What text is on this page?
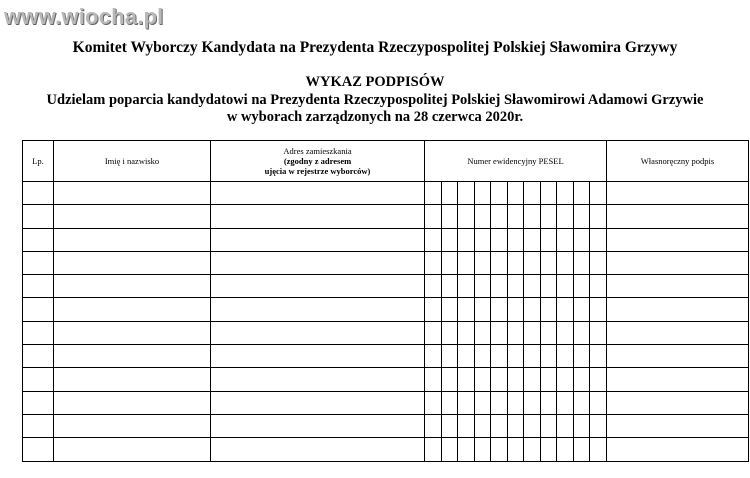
www.wiocha.pl
Komitet Wyborczy Kandydata na Prezydenta Rzeczypospolitej Polskiej Sławomira Grzywy
WYKAZ PODPISÓW
Udzielam poparcia kandydatowi na Prezydenta Rzeczypospolitej Polskiej Sławomirowi Adamowi Grzywie
w wyborach zarządzonych na 28 czerwca 2020r.
Lp.	Imię i nazwisko	Adres zamieszkania
(zgodny z adresem
ujęcia w rejestrze wyborców)	Numer ewidencyjny PESEL	Własnoręczny podpis
